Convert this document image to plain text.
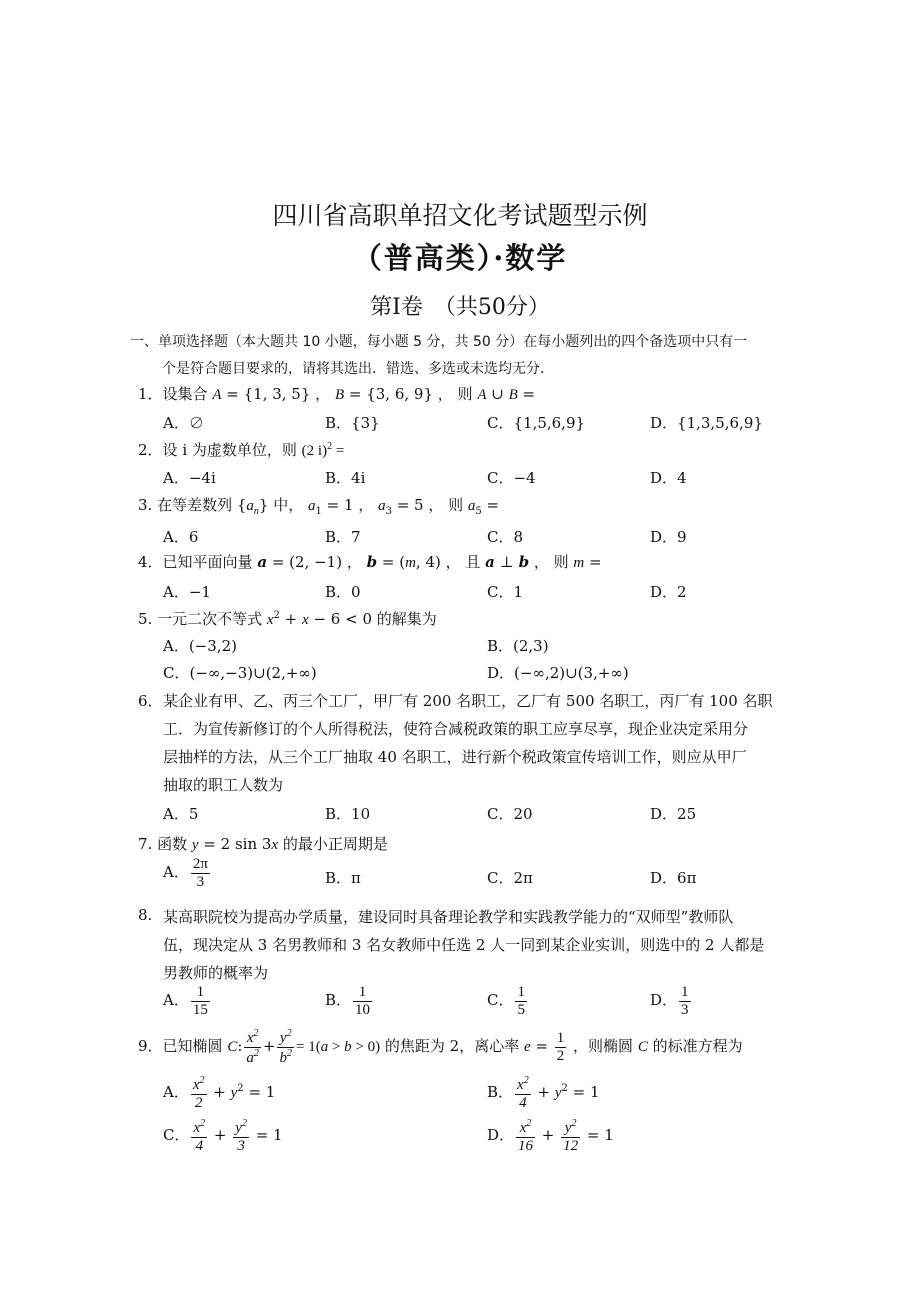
四川省高职单招文化考试题型示例
（普高类）·数学
第Ⅰ卷　（共50分）
一、单项选择题（本大题共 10 小题，每小题 5 分，共 50 分）在每小题列出的四个备选项中只有一
个是符合题目要求的，请将其选出．错选、多选或未选均无分．
1．设集合 A = {1, 3, 5} ， B = {3, 6, 9} ， 则 A ∪ B =
A．∅	B．{3}	C．{1,5,6,9}	D．{1,3,5,6,9}
2．设 i 为虚数单位，则 (2 i)$^2$ =
A．−4i	B．4i	C．−4	D．4
3. 在等差数列 $\{a_n\}$ 中， $a_1 = 1$ ， $a_3 = 5$ ， 则 $a_5$ =
A．6	B．7	C．8	D．9
4．已知平面向量 a = (2, −1) ， b = (m, 4) ， 且 a ⊥ b ， 则 m =
A．−1	B．0	C．1	D．2
5. 一元二次不等式 $x^2 + x - 6 < 0$ 的解集为
A．(−3,2)	B．(2,3)
C．(−∞,−3)∪(2,+∞)	D．(−∞,2)∪(3,+∞)
6． 某企业有甲、乙、丙三个工厂，甲厂有 200 名职工，乙厂有 500 名职工，丙厂有 100 名职
工．为宣传新修订的个人所得税法，使符合减税政策的职工应享尽享，现企业决定采用分
层抽样的方法，从三个工厂抽取 40 名职工，进行新个税政策宣传培训工作，则应从甲厂
抽取的职工人数为
A．5	B．10	C．20	D．25
7. 函数 y = 2 sin 3x 的最小正周期是
A． $\frac{2\pi}{3}$	B．π	C．2π	D．6π
8. 某高职院校为提高办学质量，建设同时具备理论教学和实践教学能力的“双师型”教师队
伍，现决定从 3 名男教师和 3 名女教师中任选 2 人一同到某企业实训，则选中的 2 人都是
男教师的概率为
A． $\frac{1}{15}$	B． $\frac{1}{10}$	C． $\frac{1}{5}$	D． $\frac{1}{3}$
9．已知椭圆 C: $\frac{x^2}{a^2} + \frac{y^2}{b^2} = 1(a > b > 0)$ 的焦距为 2，离心率 $e = \frac{1}{2}$ ，则椭圆 C 的标准方程为
A． $\frac{x^2}{2} + y^2 = 1$	B． $\frac{x^2}{4} + y^2 = 1$
C． $\frac{x^2}{4} + \frac{y^2}{3} = 1$	D． $\frac{x^2}{16} + \frac{y^2}{12} = 1$
